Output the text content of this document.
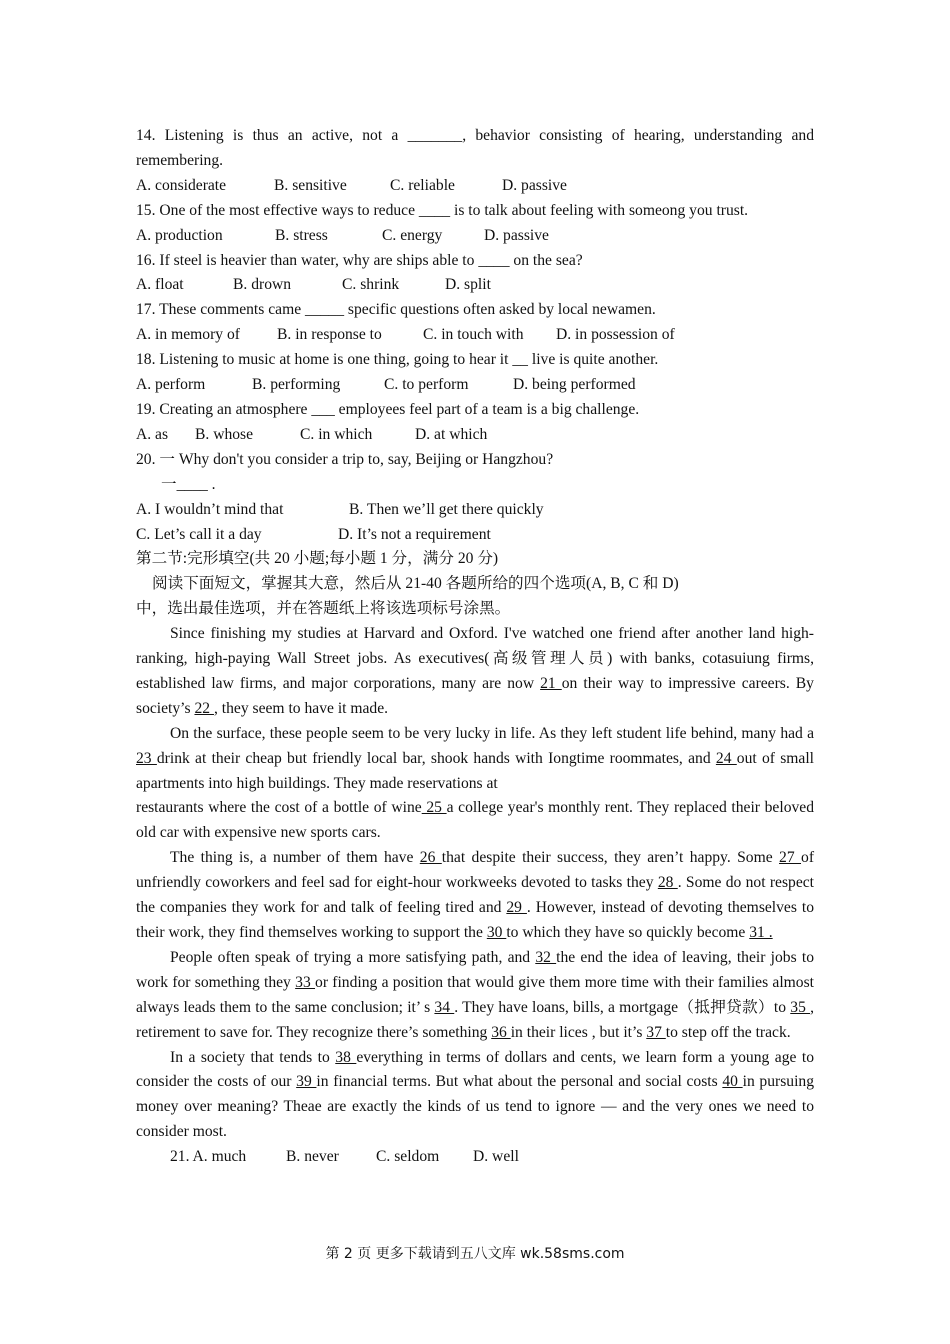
14. Listening is thus an active, not a _______, behavior consisting of hearing, understanding and remembering.
A. considerate	B. sensitive	C. reliable	D. passive
15. One of the most effective ways to reduce ____ is to talk about feeling with someong you trust.
A. production	B. stress	C. energy	D. passive
16. If steel is heavier than water, why are ships able to ____ on the sea?
A. float	B. drown	C. shrink	D. split
17. These comments came _____ specific questions often asked by local newamen.
A. in memory of	B. in response to	C. in touch with	D. in possession of
18. Listening to music at home is one thing, going to hear it __ live is quite another.
A. perform	B. performing	C. to perform	D. being performed
19. Creating an atmosphere ___ employees feel part of a team is a big challenge.
A. as	B. whose	C. in which	D. at which
20. 一 Why don't you consider a trip to, say, Beijing or Hangzhou?
一____ .
A. I wouldn’t mind that	B. Then we’ll get there quickly
C. Let’s call it a day	D. It’s not a requirement
第二节:完形填空(共 20 小题;每小题 1 分，满分 20 分)
阅读下面短文，掌握其大意，然后从 21-40 各题所给的四个选项(A, B, C 和 D)
中，选出最佳选项，并在答题纸上将该选项标号涂黑。
Since finishing my studies at Harvard and Oxford. I've watched one friend after another land high-ranking, high-paying Wall Street jobs. As executives(高级管理人员) with banks, cotasuiung firms, established law firms, and major corporations, many are now 21 on their way to impressive careers. By society’s 22 , they seem to have it made.
On the surface, these people seem to be very lucky in life. As they left student life behind, many had a 23 drink at their cheap but friendly local bar, shook hands with Iongtime roommates, and 24 out of small apartments into high buildings. They made reservations at
restaurants where the cost of a bottle of wine 25 a college year's monthly rent. They replaced their beloved old car with expensive new sports cars.
The thing is, a number of them have 26 that despite their success, they aren’t happy. Some 27 of unfriendly coworkers and feel sad for eight-hour workweeks devoted to tasks they 28 . Some do not respect the companies they work for and talk of feeling tired and 29 . However, instead of devoting themselves to their work, they find themselves working to support the 30 to which they have so quickly become 31 .
People often speak of trying a more satisfying path, and 32 the end the idea of leaving, their jobs to work for something they 33 or finding a position that would give them more time with their families almost always leads them to the same conclusion; it’ s 34 . They have loans, bills, a mortgage（抵押贷款）to 35 , retirement to save for. They recognize there’s something 36 in their lices , but it’s 37 to step off the track.
In a society that tends to 38 everything in terms of dollars and cents, we learn form a young age to consider the costs of our 39 in financial terms. But what about the personal and social costs 40 in pursuing money over meaning? Theae are exactly the kinds of us tend to ignore — and the very ones we need to consider most.
21. A. much	B. never	C. seldom	D. well
第 2 页 更多下载请到五八文库 wk.58sms.com
